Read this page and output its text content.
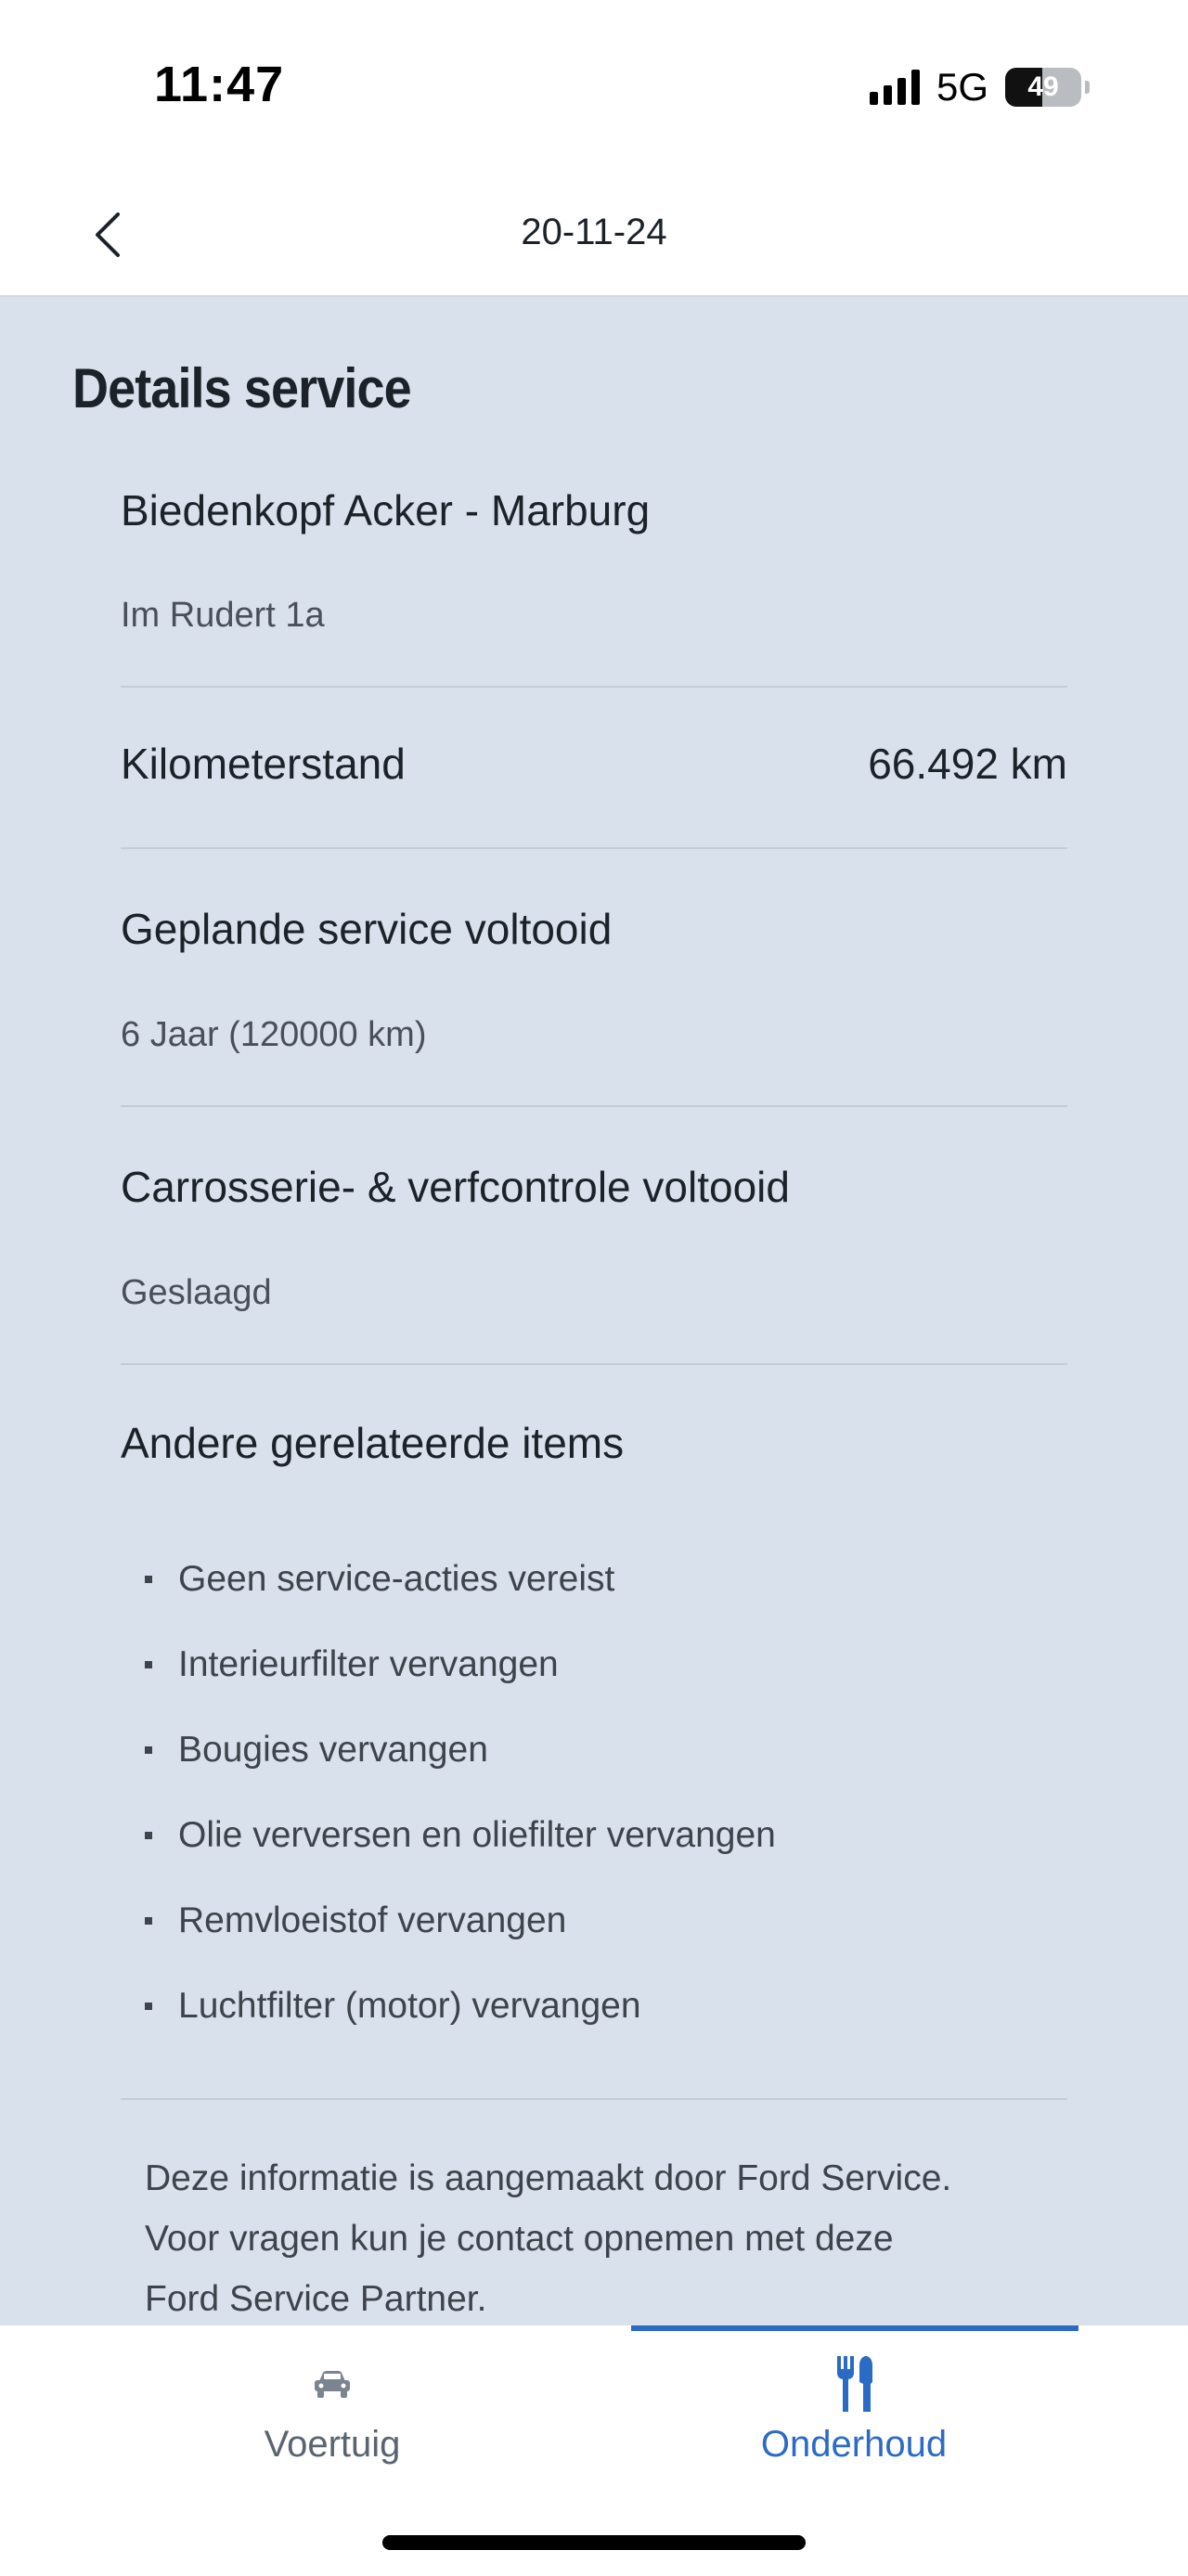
11:47	5G 49
20-11-24
Details service
Biedenkopf Acker - Marburg
Im Rudert 1a
Kilometerstand	66.492 km
Geplande service voltooid
6 Jaar (120000 km)
Carrosserie- & verfcontrole voltooid
Geslaagd
Andere gerelateerde items
Geen service-acties vereist
Interieurfilter vervangen
Bougies vervangen
Olie verversen en oliefilter vervangen
Remvloeistof vervangen
Luchtfilter (motor) vervangen
Deze informatie is aangemaakt door Ford Service.
Voor vragen kun je contact opnemen met deze
Ford Service Partner.
Voertuig	Onderhoud
